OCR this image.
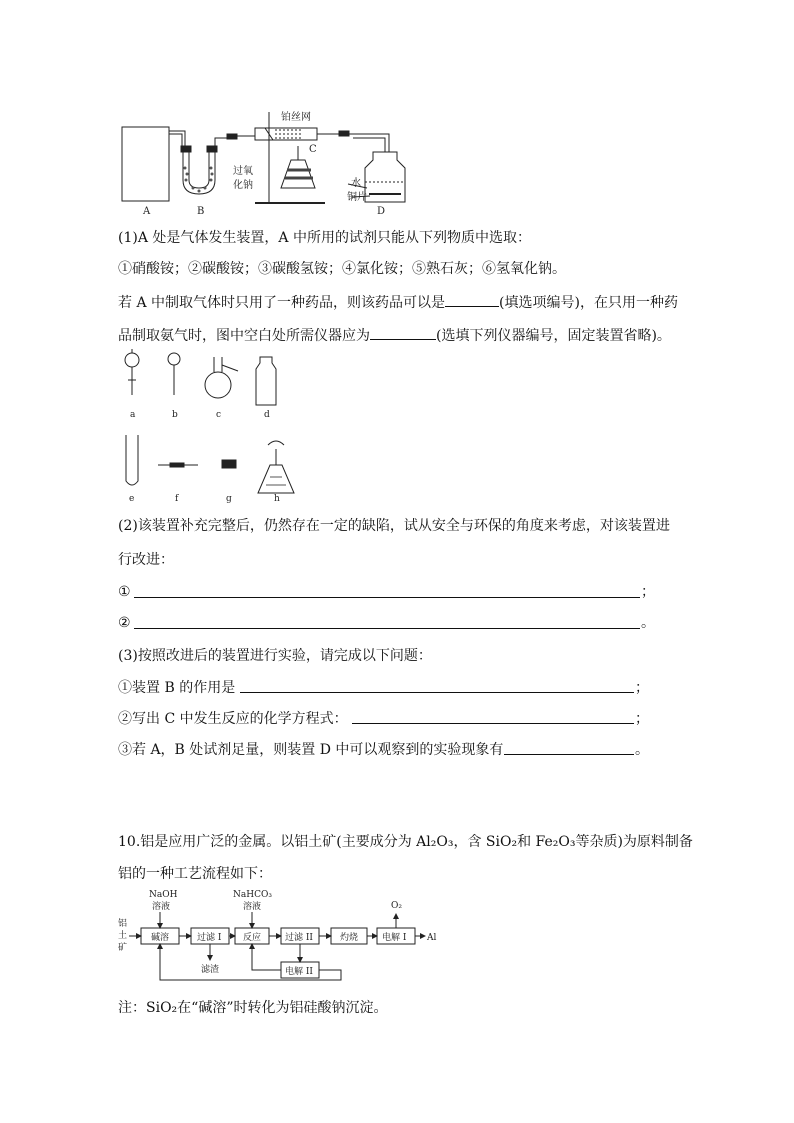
铂丝网
C
过氧
化钠	水
铜片
A	B	D
(1)A 处是气体发生装置，A 中所用的试剂只能从下列物质中选取：
①硝酸铵；②碳酸铵；③碳酸氢铵；④氯化铵；⑤熟石灰；⑥氢氧化钠。
若 A 中制取气体时只用了一种药品，则该药品可以是	(填选项编号)，在只用一种药
品制取氨气时，图中空白处所需仪器应为	(选填下列仪器编号，固定装置省略)。
a	b	c	d
e	f	g	h
(2)该装置补充完整后，仍然存在一定的缺陷，试从安全与环保的角度来考虑，对该装置进
行改进：
①	；
②	。
(3)按照改进后的装置进行实验，请完成以下问题：
①装置 B 的作用是	；
②写出 C 中发生反应的化学方程式：	；
③若 A，B 处试剂足量，则装置 D 中可以观察到的实验现象有	。
10.铝是应用广泛的金属。以铝土矿(主要成分为 Al₂O₃，含 SiO₂和 Fe₂O₃等杂质)为原料制备
铝的一种工艺流程如下：
NaOH
溶液
NaHCO₃
溶液
铝
土
矿
碱溶	过滤 I 反应	过滤 II	灼烧	电解 I
电解 II
滤渣
O₂
Al
注：SiO₂在“碱溶”时转化为铝硅酸钠沉淀。
